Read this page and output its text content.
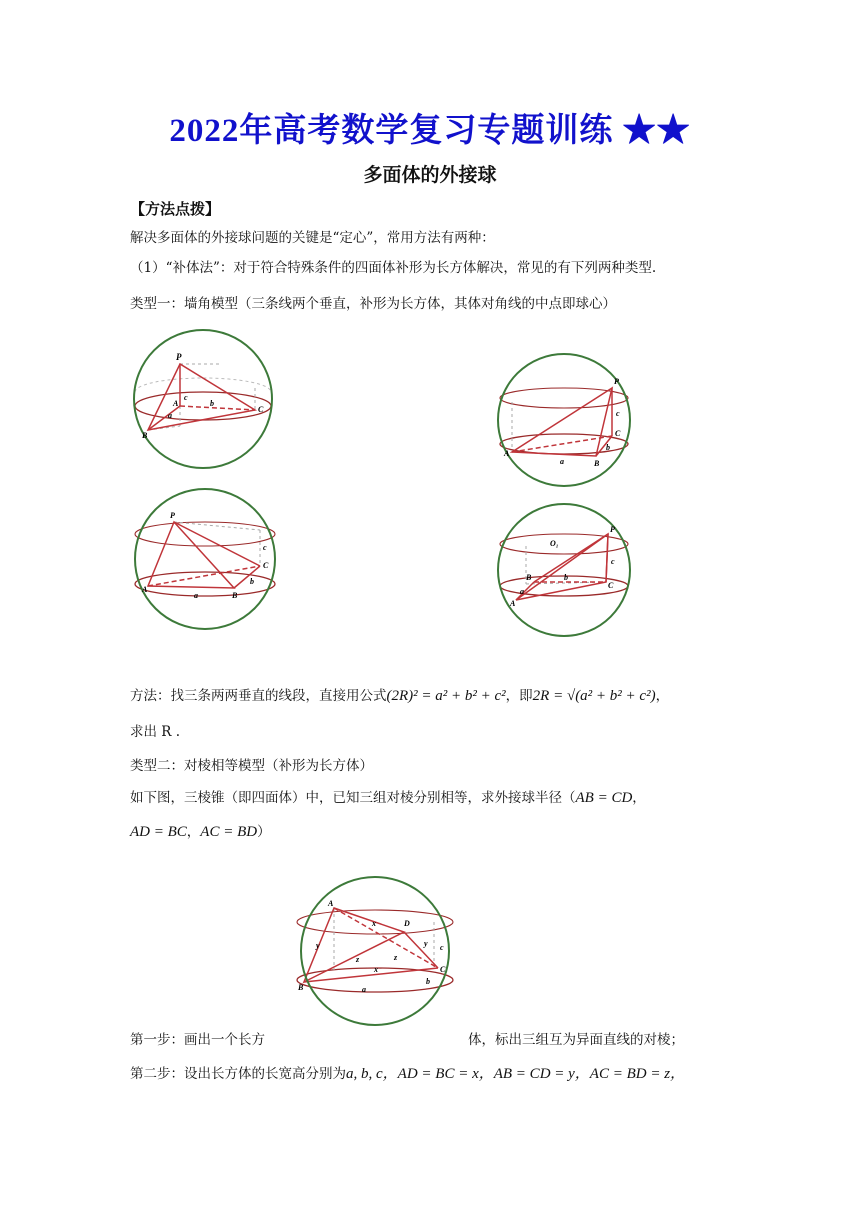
2022年高考数学复习专题训练 ★★
多面体的外接球
【方法点拨】
解决多面体的外接球问题的关键是“定心”，常用方法有两种：
（1）“补体法”：对于符合特殊条件的四面体补形为长方体解决，常见的有下列两种类型.
类型一：墙角模型（三条线两个垂直，补形为长方体，其体对角线的中点即球心）
P
A
B
C
c
b
a
P
A
B
C
c
b
a
P
A
B
C
c
b
a
P
O₁
A
B
C
c
b
a
方法：找三条两两垂直的线段，直接用公式(2R)² = a² + b² + c²，即2R = √(a² + b² + c²)，
求出 R .
类型二：对棱相等模型（补形为长方体）
如下图，三棱锥（即四面体）中，已知三组对棱分别相等，求外接球半径（AB = CD，
AD = BC，AC = BD）
A
D
B
C
x
x
y	y
z	z
a
b
c
第一步：画出一个长方	体，标出三组互为异面直线的对棱；
第二步：设出长方体的长宽高分别为a, b, c，AD = BC = x，AB = CD = y，AC = BD = z，
